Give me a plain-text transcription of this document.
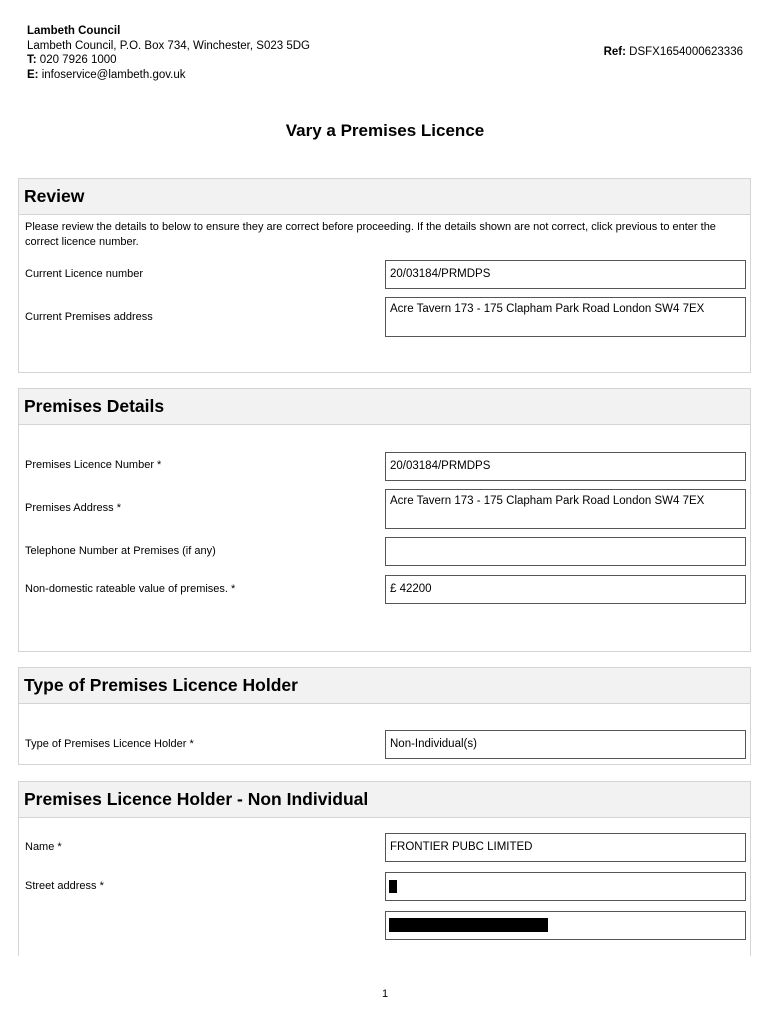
Lambeth Council
Lambeth Council, P.O. Box 734, Winchester, S023 5DG
T: 020 7926 1000
E: infoservice@lambeth.gov.uk
Ref: DSFX1654000623336
Vary a Premises Licence
Review
Please review the details to below to ensure they are correct before proceeding. If the details shown are not correct, click previous to enter the correct licence number.
Current Licence number	20/03184/PRMDPS
Current Premises address
Acre Tavern 173 - 175 Clapham Park Road London SW4 7EX
Premises Details
Premises Licence Number *	20/03184/PRMDPS
Premises Address *
Acre Tavern 173 - 175 Clapham Park Road London SW4 7EX
Telephone Number at Premises (if any)
Non-domestic rateable value of premises. *	£ 42200
Type of Premises Licence Holder
Type of Premises Licence Holder *	Non-Individual(s)
Premises Licence Holder - Non Individual
Name *	FRONTIER PUBC LIMITED
Street address *
1
